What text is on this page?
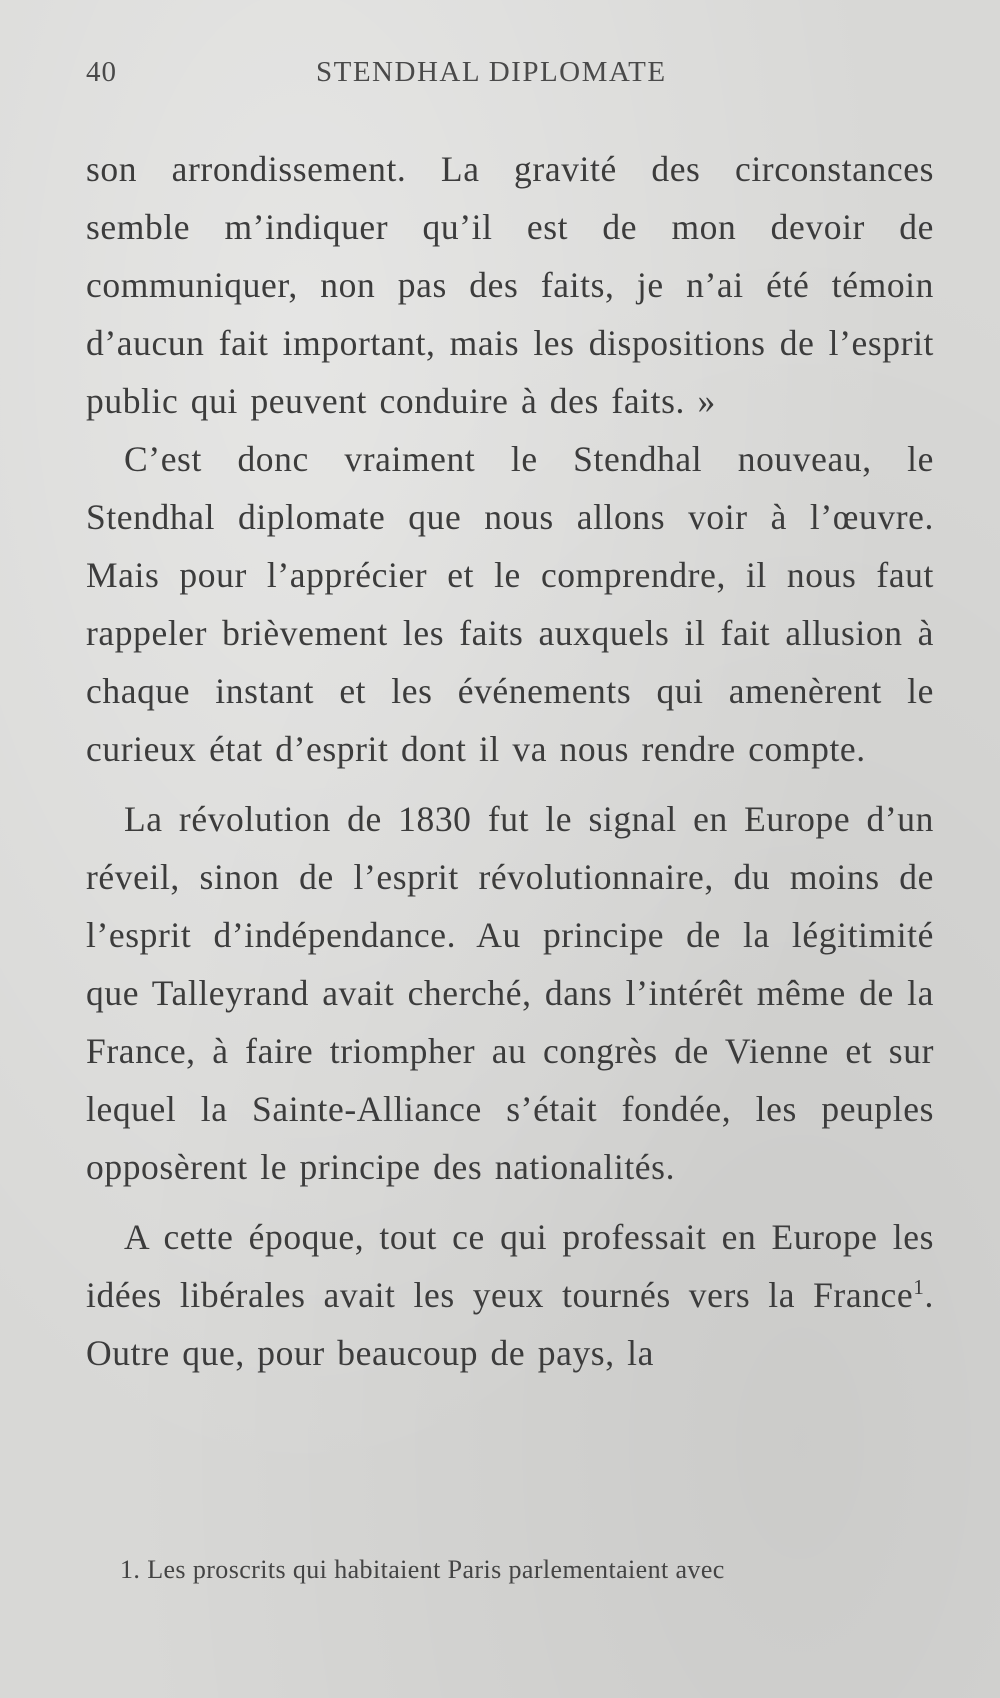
40	STENDHAL DIPLOMATE

son arrondissement. La gravité des circonstances semble m’indiquer qu’il est de mon devoir de communiquer, non pas des faits, je n’ai été témoin d’aucun fait important, mais les dispositions de l’esprit public qui peuvent conduire à des faits. »

C’est donc vraiment le Stendhal nouveau, le Stendhal diplomate que nous allons voir à l’œuvre. Mais pour l’apprécier et le comprendre, il nous faut rappeler brièvement les faits auxquels il fait allusion à chaque instant et les événements qui amenèrent le curieux état d’esprit dont il va nous rendre compte.

La révolution de 1830 fut le signal en Europe d’un réveil, sinon de l’esprit révolutionnaire, du moins de l’esprit d’indépendance. Au principe de la légitimité que Talleyrand avait cherché, dans l’intérêt même de la France, à faire triompher au congrès de Vienne et sur lequel la Sainte-Alliance s’était fondée, les peuples opposèrent le principe des nationalités.

A cette époque, tout ce qui professait en Europe les idées libérales avait les yeux tournés vers la France$^1$. Outre que, pour beaucoup de pays, la

1. Les proscrits qui habitaient Paris parlementaient avec
